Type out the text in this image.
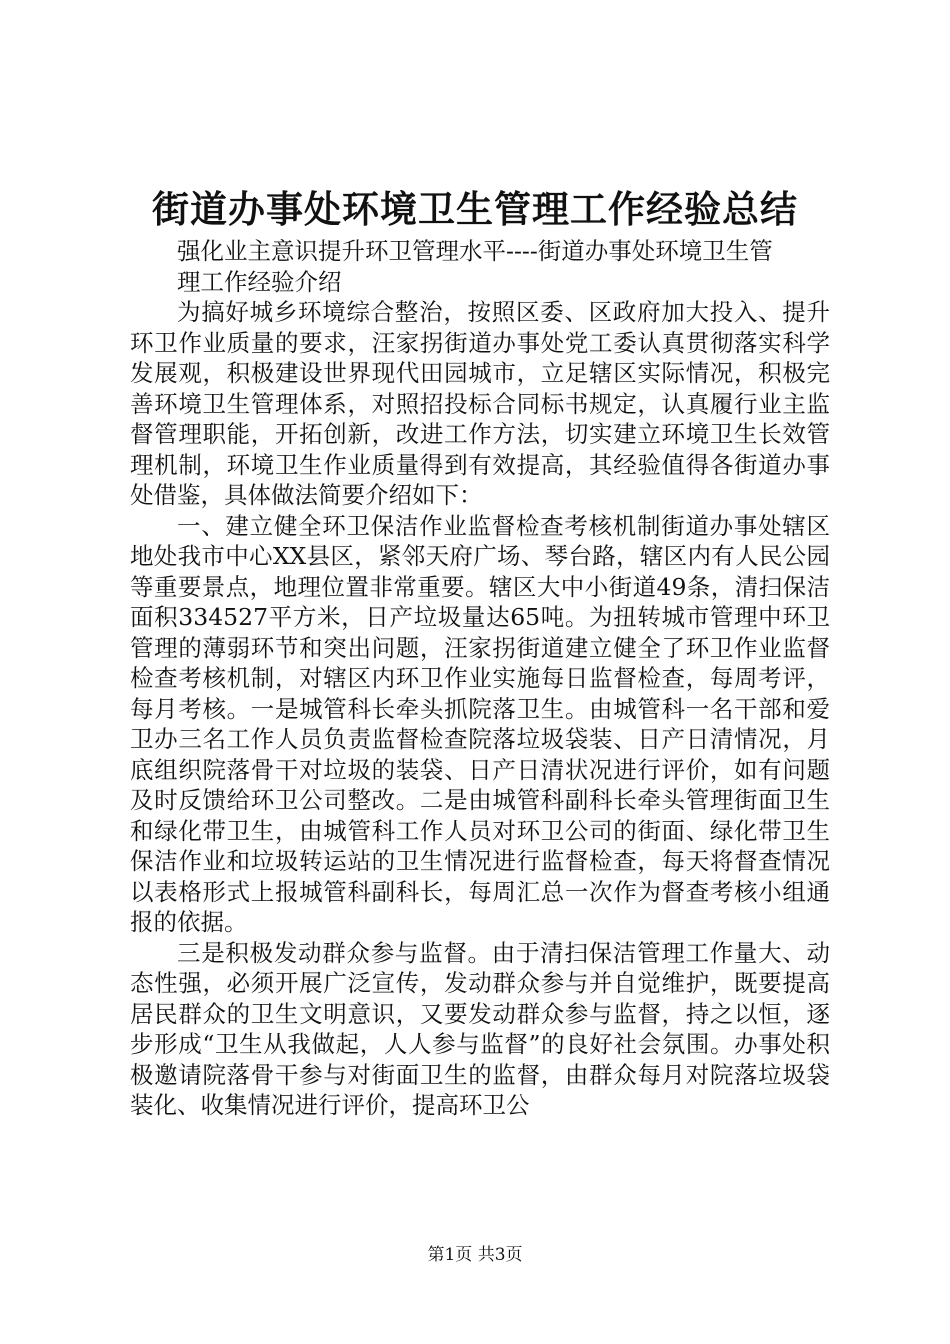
街道办事处环境卫生管理工作经验总结

强化业主意识提升环卫管理水平----街道办事处环境卫生管

理工作经验介绍

为搞好城乡环境综合整治，按照区委、区政府加大投入、提升环卫作业质量的要求，汪家拐街道办事处党工委认真贯彻落实科学发展观，积极建设世界现代田园城市，立足辖区实际情况，积极完善环境卫生管理体系，对照招投标合同标书规定，认真履行业主监督管理职能，开拓创新，改进工作方法，切实建立环境卫生长效管理机制，环境卫生作业质量得到有效提高，其经验值得各街道办事处借鉴，具体做法简要介绍如下：

一、建立健全环卫保洁作业监督检查考核机制街道办事处辖区地处我市中心XX县区，紧邻天府广场、琴台路，辖区内有人民公园等重要景点，地理位置非常重要。辖区大中小街道49条，清扫保洁面积334527平方米，日产垃圾量达65吨。为扭转城市管理中环卫管理的薄弱环节和突出问题，汪家拐街道建立健全了环卫作业监督检查考核机制，对辖区内环卫作业实施每日监督检查，每周考评，每月考核。一是城管科长牵头抓院落卫生。由城管科一名干部和爱卫办三名工作人员负责监督检查院落垃圾袋装、日产日清情况，月底组织院落骨干对垃圾的装袋、日产日清状况进行评价，如有问题及时反馈给环卫公司整改。二是由城管科副科长牵头管理街面卫生和绿化带卫生，由城管科工作人员对环卫公司的街面、绿化带卫生保洁作业和垃圾转运站的卫生情况进行监督检查，每天将督查情况以表格形式上报城管科副科长，每周汇总一次作为督查考核小组通报的依据。

三是积极发动群众参与监督。由于清扫保洁管理工作量大、动态性强，必须开展广泛宣传，发动群众参与并自觉维护，既要提高居民群众的卫生文明意识，又要发动群众参与监督，持之以恒，逐步形成“卫生从我做起，人人参与监督”的良好社会氛围。办事处积极邀请院落骨干参与对街面卫生的监督，由群众每月对院落垃圾袋装化、收集情况进行评价，提高环卫公

第1页 共3页
